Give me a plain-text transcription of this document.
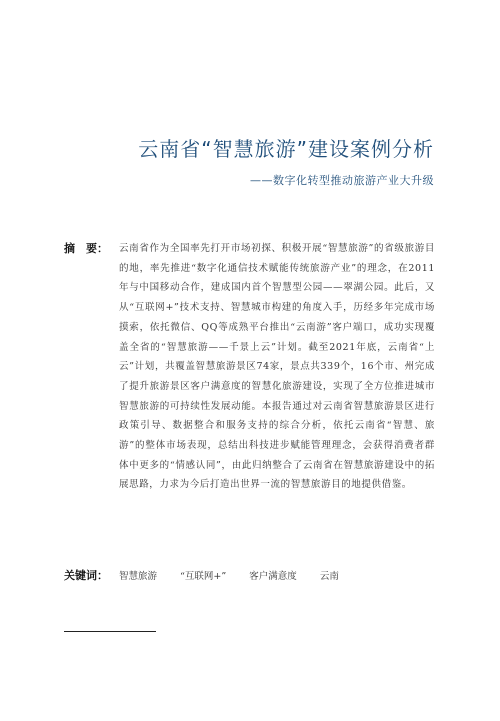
云南省“智慧旅游”建设案例分析
——数字化转型推动旅游产业大升级
摘　要： 云南省作为全国率先打开市场初探、积极开展“智慧旅游”的省级旅游目的地，率先推进“数字化通信技术赋能传统旅游产业”的理念，在2011年与中国移动合作，建成国内首个智慧型公园——翠湖公园。此后，又从“互联网+”技术支持、智慧城市构建的角度入手，历经多年完成市场摸索，依托微信、QQ等成熟平台推出“云南游”客户端口，成功实现覆盖全省的“智慧旅游——千景上云”计划。截至2021年底，云南省“上云”计划，共覆盖智慧旅游景区74家，景点共339个，16个市、州完成了提升旅游景区客户满意度的智慧化旅游建设，实现了全方位推进城市智慧旅游的可持续性发展动能。本报告通过对云南省智慧旅游景区进行政策引导、数据整合和服务支持的综合分析，依托云南省“智慧、旅游”的整体市场表现，总结出科技进步赋能管理理念，会获得消费者群体中更多的“情感认同”，由此归纳整合了云南省在智慧旅游建设中的拓展思路，力求为今后打造出世界一流的智慧旅游目的地提供借鉴。
关键词： 智慧旅游 “互联网+” 客户满意度 云南
